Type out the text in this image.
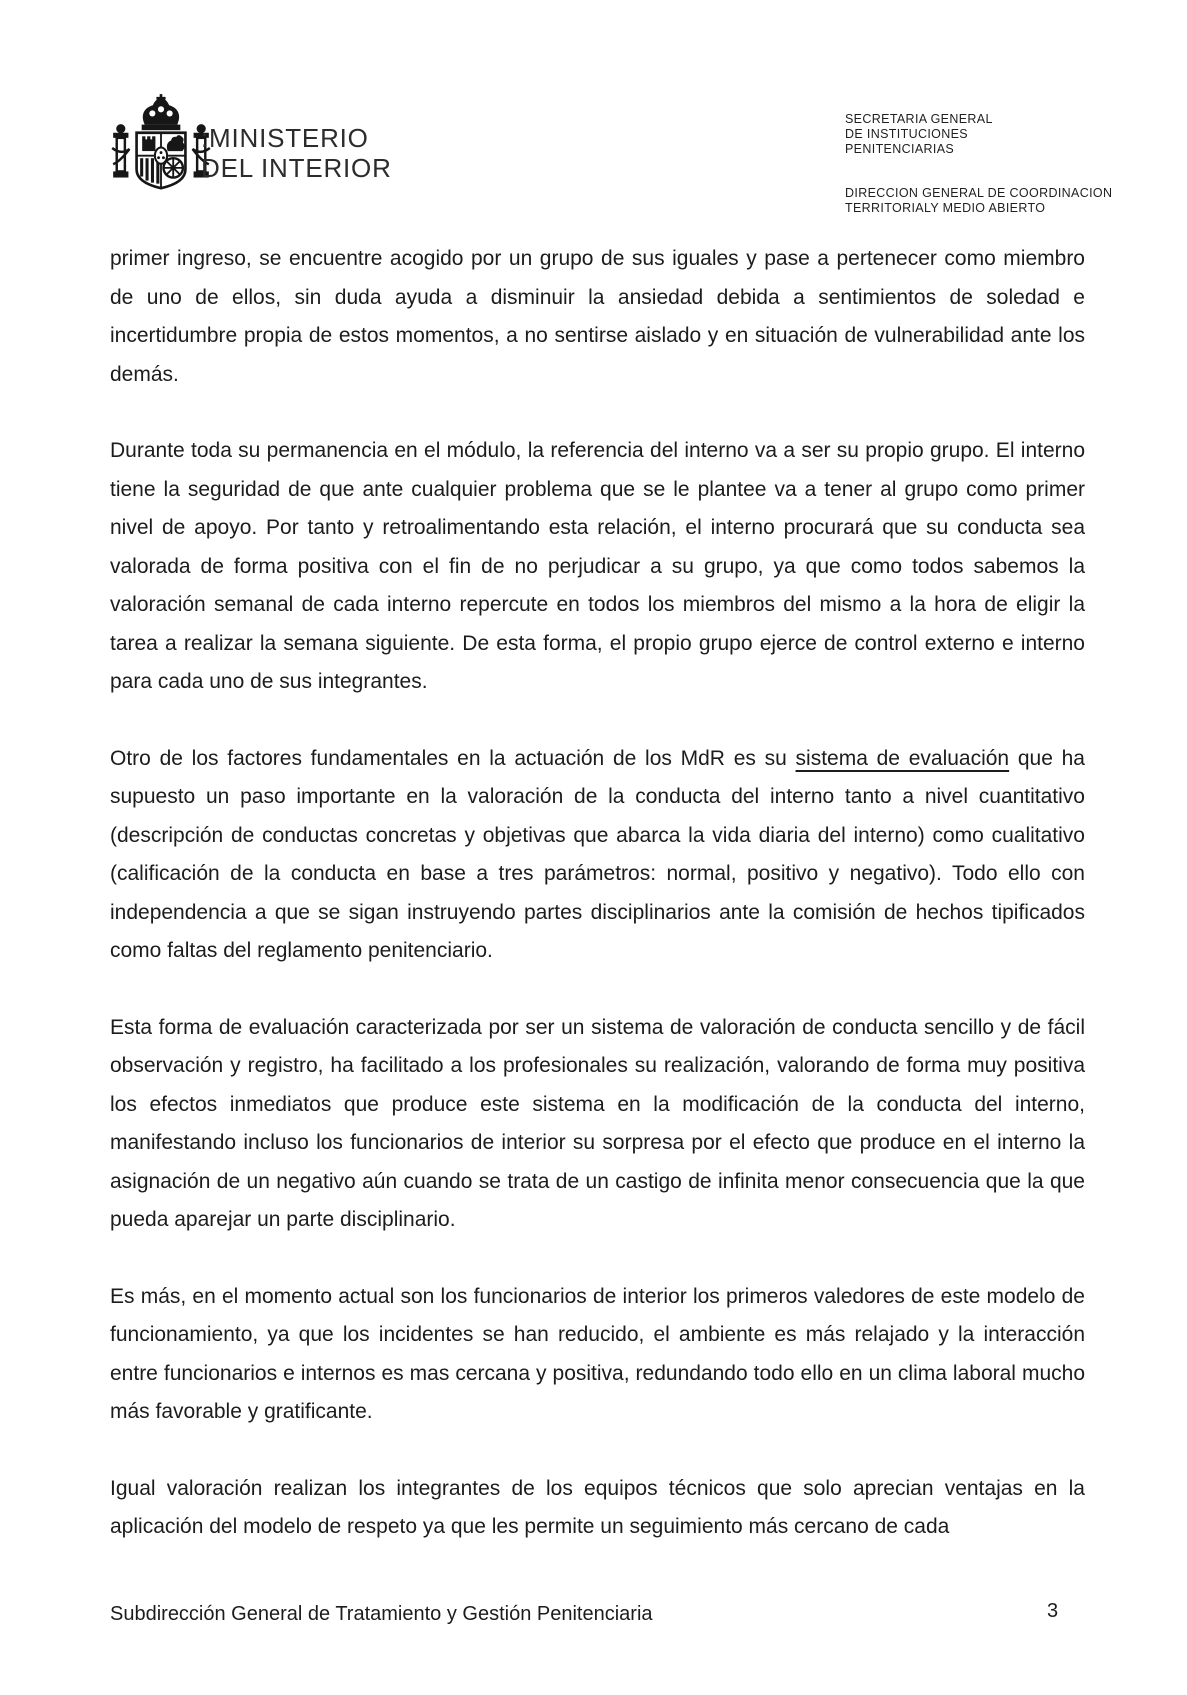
:MINISTERIO
DEL INTERIOR
SECRETARIA GENERAL
DE INSTITUCIONES
PENITENCIARIAS
DIRECCION GENERAL DE COORDINACION
TERRITORIALY MEDIO ABIERTO

primer ingreso, se encuentre acogido por un grupo de sus iguales y pase a pertenecer como miembro de uno de ellos, sin duda ayuda a disminuir la ansiedad debida a sentimientos de soledad e incertidumbre propia de estos momentos, a no sentirse aislado y en situación de vulnerabilidad ante los demás.

Durante toda su permanencia en el módulo, la referencia del interno va a ser su propio grupo. El interno tiene la seguridad de que ante cualquier problema que se le plantee va a tener al grupo como primer nivel de apoyo. Por tanto y retroalimentando esta relación, el interno procurará que su conducta sea valorada de forma positiva con el fin de no perjudicar a su grupo, ya que como todos sabemos la valoración semanal de cada interno repercute en todos los miembros del mismo a la hora de eligir la tarea a realizar la semana siguiente. De esta forma, el propio grupo ejerce de control externo e interno para cada uno de sus integrantes.

Otro de los factores fundamentales en la actuación de los MdR es su sistema de evaluación que ha supuesto un paso importante en la valoración de la conducta del interno tanto a nivel cuantitativo (descripción de conductas concretas y objetivas que abarca la vida diaria del interno) como cualitativo (calificación de la conducta en base a tres parámetros: normal, positivo y negativo). Todo ello con independencia a que se sigan instruyendo partes disciplinarios ante la comisión de hechos tipificados como faltas del reglamento penitenciario.

Esta forma de evaluación caracterizada por ser un sistema de valoración de conducta sencillo y de fácil observación y registro, ha facilitado a los profesionales su realización, valorando de forma muy positiva los efectos inmediatos que produce este sistema en la modificación de la conducta del interno, manifestando incluso los funcionarios de interior su sorpresa por el efecto que produce en el interno la asignación de un negativo aún cuando se trata de un castigo de infinita menor consecuencia que la que pueda aparejar un parte disciplinario.

Es más, en el momento actual son los funcionarios de interior los primeros valedores de este modelo de funcionamiento, ya que los incidentes se han reducido, el ambiente es más relajado y la interacción entre funcionarios e internos es mas cercana y positiva, redundando todo ello en un clima laboral mucho más favorable y gratificante.

Igual valoración realizan los integrantes de los equipos técnicos que solo aprecian ventajas en la aplicación del modelo de respeto ya que les permite un seguimiento más cercano de cada

Subdirección General de Tratamiento y Gestión Penitenciaria	3
